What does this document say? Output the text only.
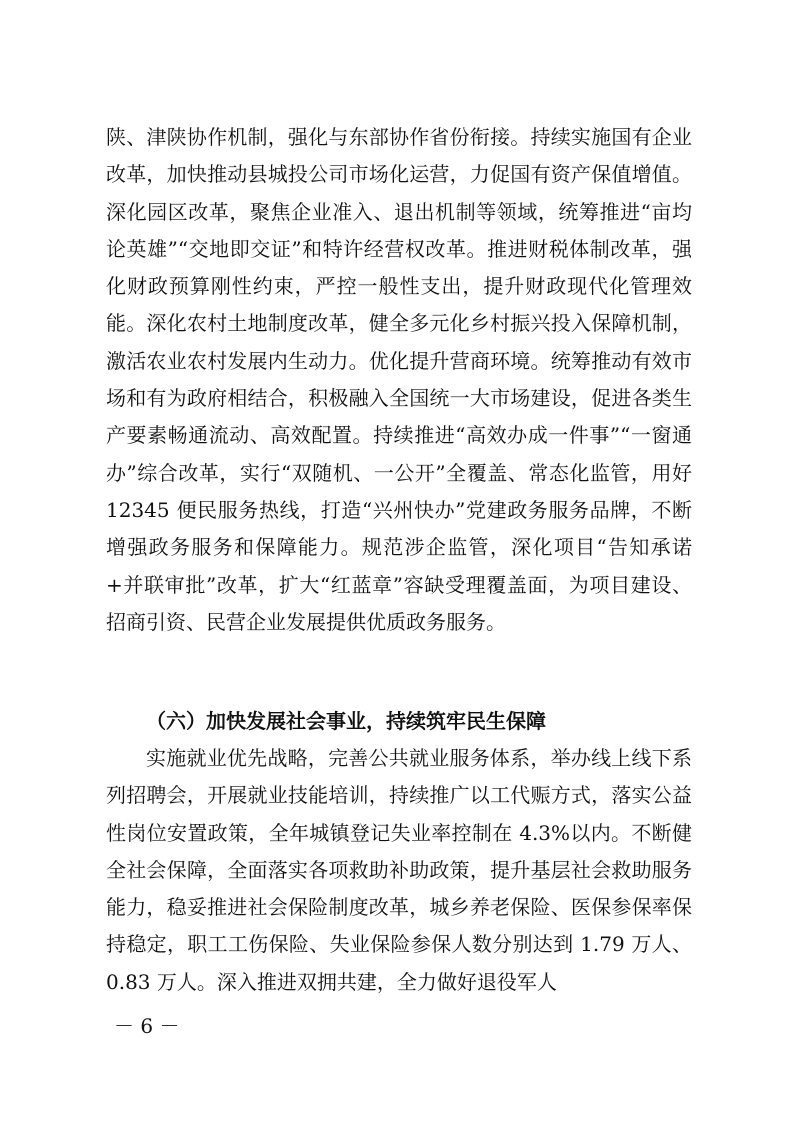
陕、津陕协作机制，强化与东部协作省份衔接。持续实施国有企业改革，加快推动县城投公司市场化运营，力促国有资产保值增值。深化园区改革，聚焦企业准入、退出机制等领域，统筹推进“亩均论英雄”“交地即交证”和特许经营权改革。推进财税体制改革，强化财政预算刚性约束，严控一般性支出，提升财政现代化管理效能。深化农村土地制度改革，健全多元化乡村振兴投入保障机制，激活农业农村发展内生动力。优化提升营商环境。统筹推动有效市场和有为政府相结合，积极融入全国统一大市场建设，促进各类生产要素畅通流动、高效配置。持续推进“高效办成一件事”“一窗通办”综合改革，实行“双随机、一公开”全覆盖、常态化监管，用好 12345 便民服务热线，打造“兴州快办”党建政务服务品牌，不断增强政务服务和保障能力。规范涉企监管，深化项目“告知承诺+并联审批”改革，扩大“红蓝章”容缺受理覆盖面，为项目建设、招商引资、民营企业发展提供优质政务服务。

（六）加快发展社会事业，持续筑牢民生保障

实施就业优先战略，完善公共就业服务体系，举办线上线下系列招聘会，开展就业技能培训，持续推广以工代赈方式，落实公益性岗位安置政策，全年城镇登记失业率控制在 4.3%以内。不断健全社会保障，全面落实各项救助补助政策，提升基层社会救助服务能力，稳妥推进社会保险制度改革，城乡养老保险、医保参保率保持稳定，职工工伤保险、失业保险参保人数分别达到 1.79 万人、0.83 万人。深入推进双拥共建，全力做好退役军人

－ 6 －
